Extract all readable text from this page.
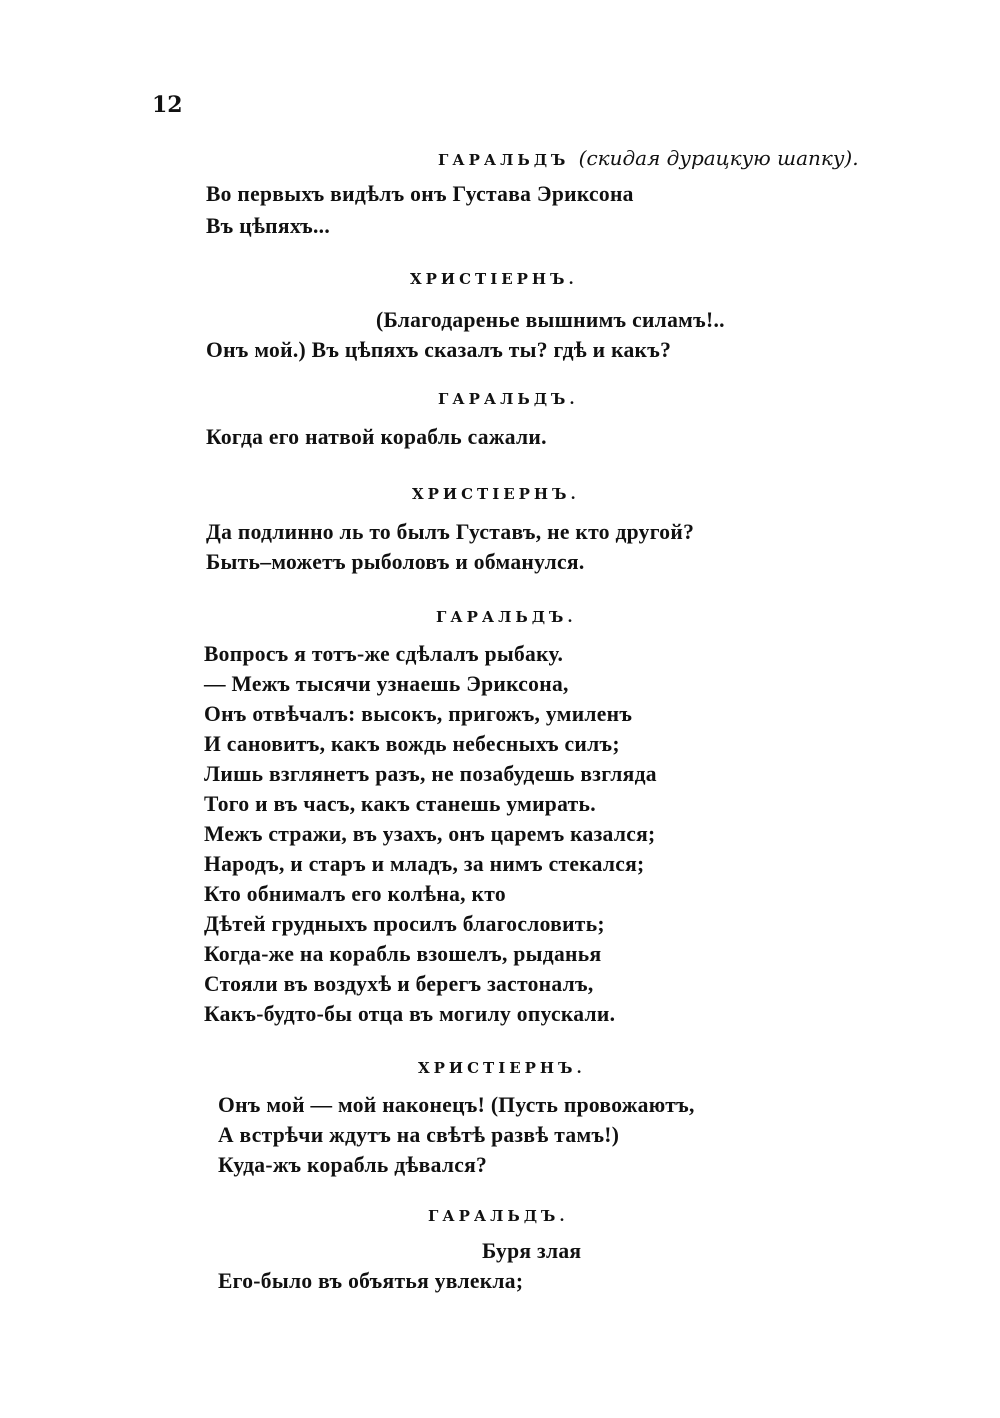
12
ГАРАЛЬДЪ (скидая дурацкую шапку).
Во первыхъ видѣлъ онъ Густава Эриксона
Въ цѣпяхъ...
ХРИСТІЕРНЪ.
(Благодаренье вышнимъ силамъ!..
Онъ мой.) Въ цѣпяхъ сказалъ ты? гдѣ и какъ?
ГАРАЛЬДЪ.
Когда его натвой корабль сажали.
ХРИСТІЕРНЪ.
Да подлинно ль то былъ Густавъ, не кто другой?
Быть–можетъ рыболовъ и обманулся.
ГАРАЛЬДЪ.
Вопросъ я тотъ-же сдѣлалъ рыбаку.
— Межъ тысячи узнаешь Эриксона,
Онъ отвѣчалъ: высокъ, пригожъ, умиленъ
И сановитъ, какъ вождь небесныхъ силъ;
Лишь взглянетъ разъ, не позабудешь взгляда
Того и въ часъ, какъ станешь умирать.
Межъ стражи, въ узахъ, онъ царемъ казался;
Народъ, и старъ и младъ, за нимъ стекался;
Кто обнималъ его колѣна, кто
Дѣтей грудныхъ просилъ благословить;
Когда-же на корабль взошелъ, рыданья
Стояли въ воздухѣ и берегъ застоналъ,
Какъ-будто-бы отца въ могилу опускали.
ХРИСТІЕРНЪ.
Онъ мой — мой наконецъ! (Пусть провожаютъ,
А встрѣчи ждутъ на свѣтѣ развѣ тамъ!)
Куда-жъ корабль дѣвался?
ГАРАЛЬДЪ.
Буря злая
Его-было въ объятья увлекла;
